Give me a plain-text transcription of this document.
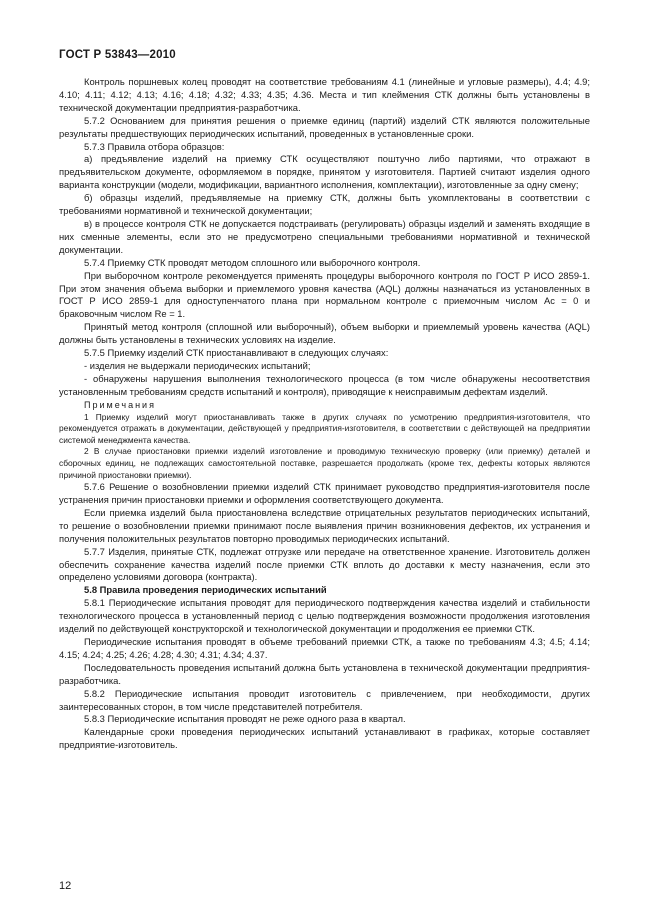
ГОСТ Р 53843—2010

Контроль поршневых колец проводят на соответствие требованиям 4.1 (линейные и угловые размеры), 4.4; 4.9; 4.10; 4.11; 4.12; 4.13; 4.16; 4.18; 4.32; 4.33; 4.35; 4.36. Места и тип клеймения СТК должны быть установлены в технической документации предприятия-разработчика.

5.7.2 Основанием для принятия решения о приемке единиц (партий) изделий СТК являются положительные результаты предшествующих периодических испытаний, проведенных в установленные сроки.

5.7.3 Правила отбора образцов:

а) предъявление изделий на приемку СТК осуществляют поштучно либо партиями, что отражают в предъявительском документе, оформляемом в порядке, принятом у изготовителя. Партией считают изделия одного варианта конструкции (модели, модификации, вариантного исполнения, комплектации), изготовленные за одну смену;

б) образцы изделий, предъявляемые на приемку СТК, должны быть укомплектованы в соответствии с требованиями нормативной и технической документации;

в) в процессе контроля СТК не допускается подстраивать (регулировать) образцы изделий и заменять входящие в них сменные элементы, если это не предусмотрено специальными требованиями нормативной и технической документации.

5.7.4 Приемку СТК проводят методом сплошного или выборочного контроля.

При выборочном контроле рекомендуется применять процедуры выборочного контроля по ГОСТ Р ИСО 2859-1. При этом значения объема выборки и приемлемого уровня качества (AQL) должны назначаться из установленных в ГОСТ Р ИСО 2859-1 для одноступенчатого плана при нормальном контроле с приемочным числом Ac = 0 и браковочным числом Re = 1.

Принятый метод контроля (сплошной или выборочный), объем выборки и приемлемый уровень качества (AQL) должны быть установлены в технических условиях на изделие.

5.7.5 Приемку изделий СТК приостанавливают в следующих случаях:

- изделия не выдержали периодических испытаний;

- обнаружены нарушения выполнения технологического процесса (в том числе обнаружены несоответствия установленным требованиям средств испытаний и контроля), приводящие к неисправимым дефектам изделий.

Примечания

1 Приемку изделий могут приостанавливать также в других случаях по усмотрению предприятия-изготовителя, что рекомендуется отражать в документации, действующей у предприятия-изготовителя, в соответствии с действующей на предприятии системой менеджмента качества.

2 В случае приостановки приемки изделий изготовление и проводимую техническую проверку (или приемку) деталей и сборочных единиц, не подлежащих самостоятельной поставке, разрешается продолжать (кроме тех, дефекты которых являются причиной приостановки приемки).

5.7.6 Решение о возобновлении приемки изделий СТК принимает руководство предприятия-изготовителя после устранения причин приостановки приемки и оформления соответствующего документа.

Если приемка изделий была приостановлена вследствие отрицательных результатов периодических испытаний, то решение о возобновлении приемки принимают после выявления причин возникновения дефектов, их устранения и получения положительных результатов повторно проводимых периодических испытаний.

5.7.7 Изделия, принятые СТК, подлежат отгрузке или передаче на ответственное хранение. Изготовитель должен обеспечить сохранение качества изделий после приемки СТК вплоть до доставки к месту назначения, если это определено условиями договора (контракта).

5.8 Правила проведения периодических испытаний

5.8.1 Периодические испытания проводят для периодического подтверждения качества изделий и стабильности технологического процесса в установленный период с целью подтверждения возможности продолжения изготовления изделий по действующей конструкторской и технологической документации и продолжения ее приемки СТК.

Периодические испытания проводят в объеме требований приемки СТК, а также по требованиям 4.3; 4.5; 4.14; 4.15; 4.24; 4.25; 4.26; 4.28; 4.30; 4.31; 4.34; 4.37.

Последовательность проведения испытаний должна быть установлена в технической документации предприятия-разработчика.

5.8.2 Периодические испытания проводит изготовитель с привлечением, при необходимости, других заинтересованных сторон, в том числе представителей потребителя.

5.8.3 Периодические испытания проводят не реже одного раза в квартал.

Календарные сроки проведения периодических испытаний устанавливают в графиках, которые составляет предприятие-изготовитель.

12
